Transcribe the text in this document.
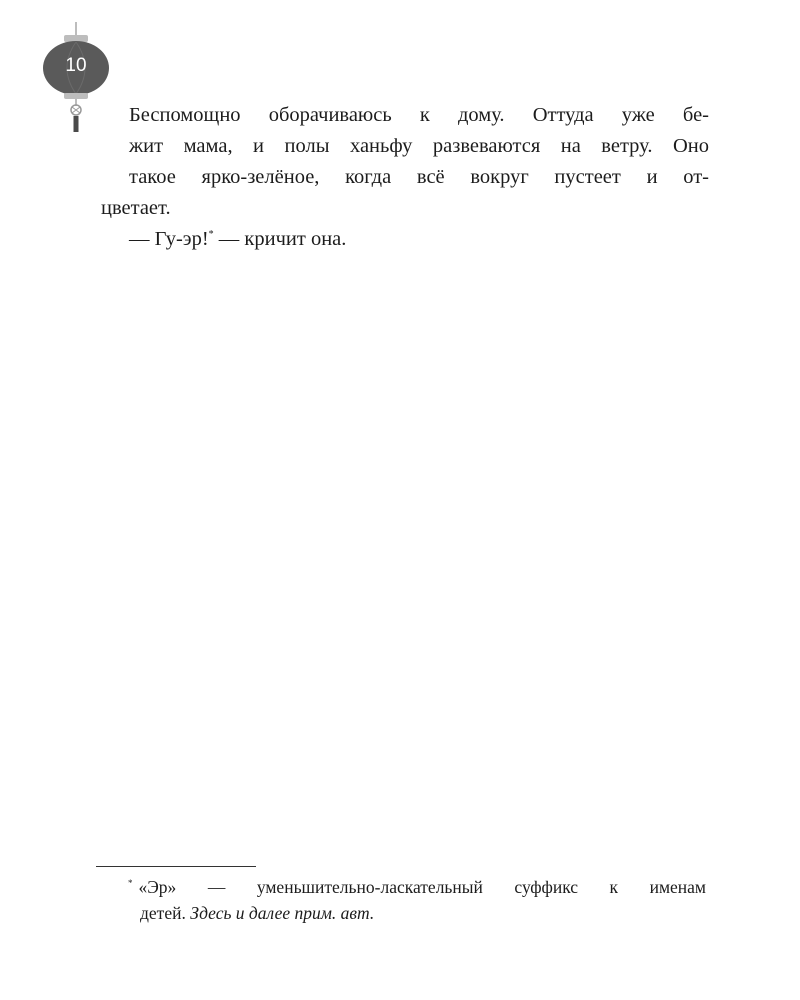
10

Беспомощно оборачиваюсь к дому. Оттуда уже бе-
жит мама, и полы ханьфу развеваются на ветру. Оно
такое ярко-зелёное, когда всё вокруг пустеет и от-
цветает.

— Гу-эр!* — кричит она.

* «Эр» — уменьшительно-ласкательный суффикс к именам
детей. Здесь и далее прим. авт.
